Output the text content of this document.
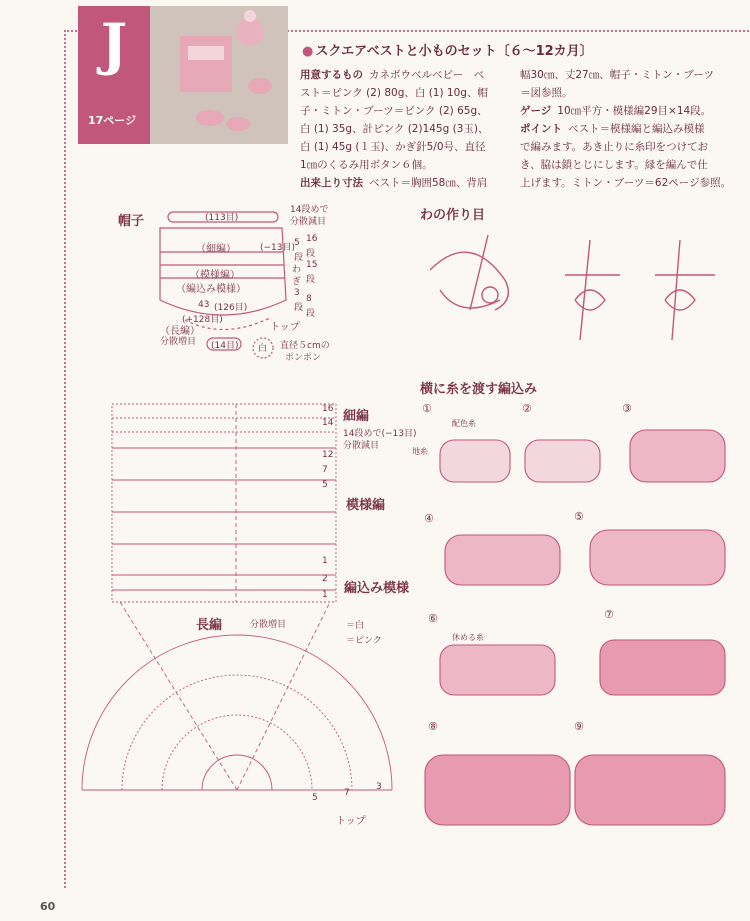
J
17ページ
● スクエアベストと小ものセット〔６〜12カ月〕
用意するもの カネボウベルベビー　ベ
スト＝ピンク (2) 80g、白 (1) 10g、帽
子・ミトン・ブーツ＝ピンク (2) 65g、
白 (1) 35g、計ピンク (2)145g (3玉)、
白 (1) 45g (１玉)、かぎ針5/0号、直径
1㎝のくるみ用ボタン６個。
出来上り寸法 ベスト＝胸囲58㎝、背肩
幅30㎝、丈27㎝、帽子・ミトン・ブーツ
＝図参照。
ゲージ 10㎝平方・模様編29目×14段。
ポイント ベスト＝模様編と編込み模様
で編みます。あき止りに糸印をつけてお
き、脇は鎖とじにします。縁を編んで仕
上げます。ミトン・ブーツ＝62ページ参照。
帽子	(113目)
14段めで
分散減目
（細編）	(−13目)
（模様編）
（編込み模様）
5
段
16
段
わ
ぎ
15
段
3
段
8
段
43 (126目)
(+128目)
（長編）
分散増目 (14目)
トップ
白 直径５cmの
ポンポン
わの作り目
細編
14段めで(−13目)
分散減目
模様編
編込み模様
長編	分散増目	＝白
＝ピンク
トップ
16
14
12
7
5
1
2
1
5	7
3
横に糸を渡す編込み
①	②	③
④	⑤
⑥	⑦
⑧	⑨
配色糸
地糸
休める糸
60
